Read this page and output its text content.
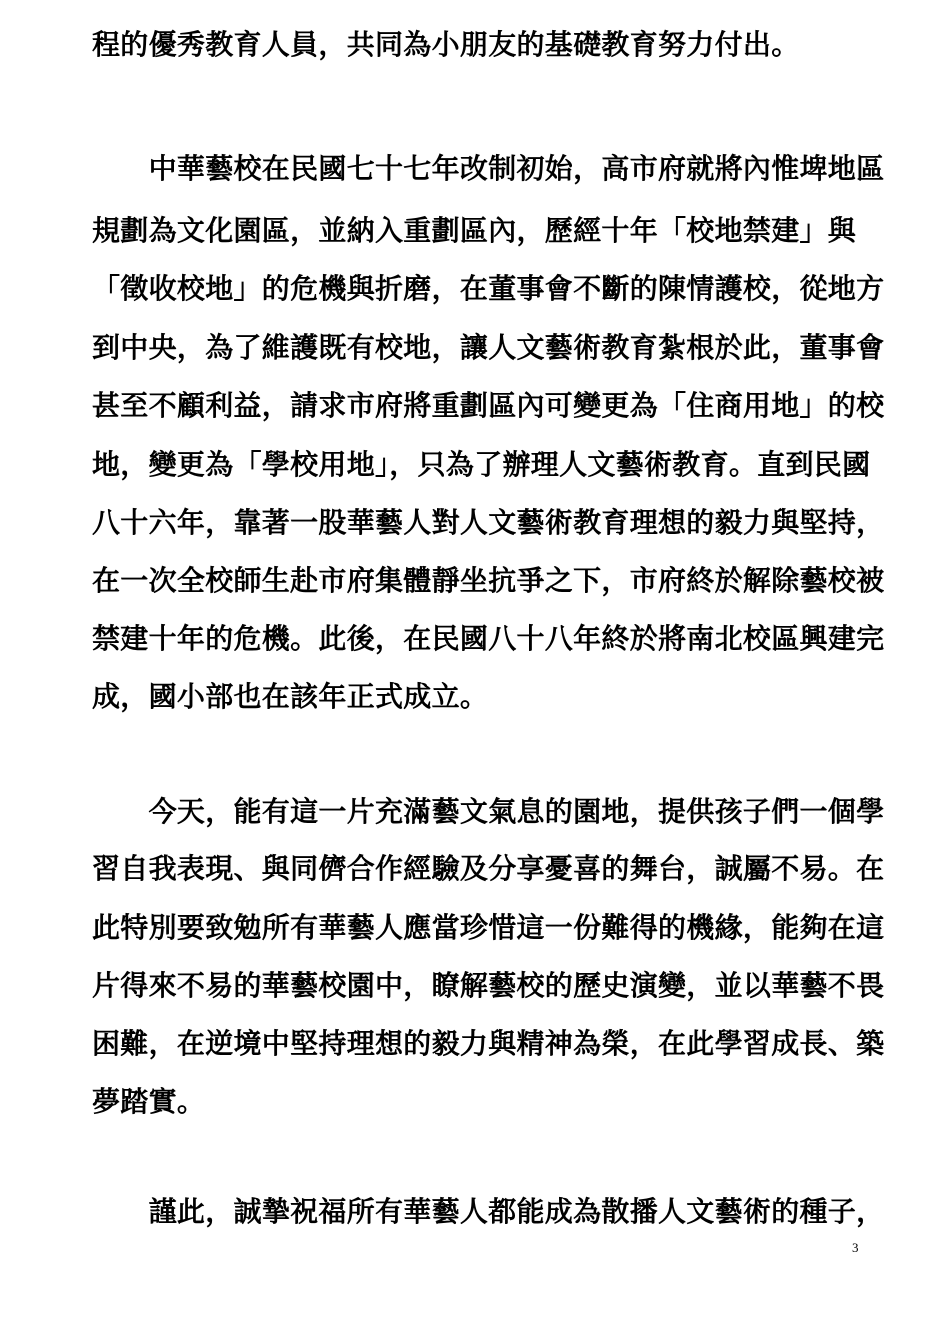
程的優秀教育人員，共同為小朋友的基礎教育努力付出。
　　中華藝校在民國七十七年改制初始，高市府就將內惟埤地區
規劃為文化園區，並納入重劃區內，歷經十年「校地禁建」與
「徵收校地」的危機與折磨，在董事會不斷的陳情護校，從地方
到中央，為了維護既有校地，讓人文藝術教育紮根於此，董事會
甚至不顧利益，請求市府將重劃區內可變更為「住商用地」的校
地，變更為「學校用地」，只為了辦理人文藝術教育。直到民國
八十六年，靠著一股華藝人對人文藝術教育理想的毅力與堅持，
在一次全校師生赴市府集體靜坐抗爭之下，市府終於解除藝校被
禁建十年的危機。此後，在民國八十八年終於將南北校區興建完
成，國小部也在該年正式成立。
　　今天，能有這一片充滿藝文氣息的園地，提供孩子們一個學
習自我表現、與同儕合作經驗及分享憂喜的舞台，誠屬不易。在
此特別要致勉所有華藝人應當珍惜這一份難得的機緣，能夠在這
片得來不易的華藝校園中，瞭解藝校的歷史演變，並以華藝不畏
困難，在逆境中堅持理想的毅力與精神為榮，在此學習成長、築
夢踏實。
　　謹此，誠摯祝福所有華藝人都能成為散播人文藝術的種子，
3
